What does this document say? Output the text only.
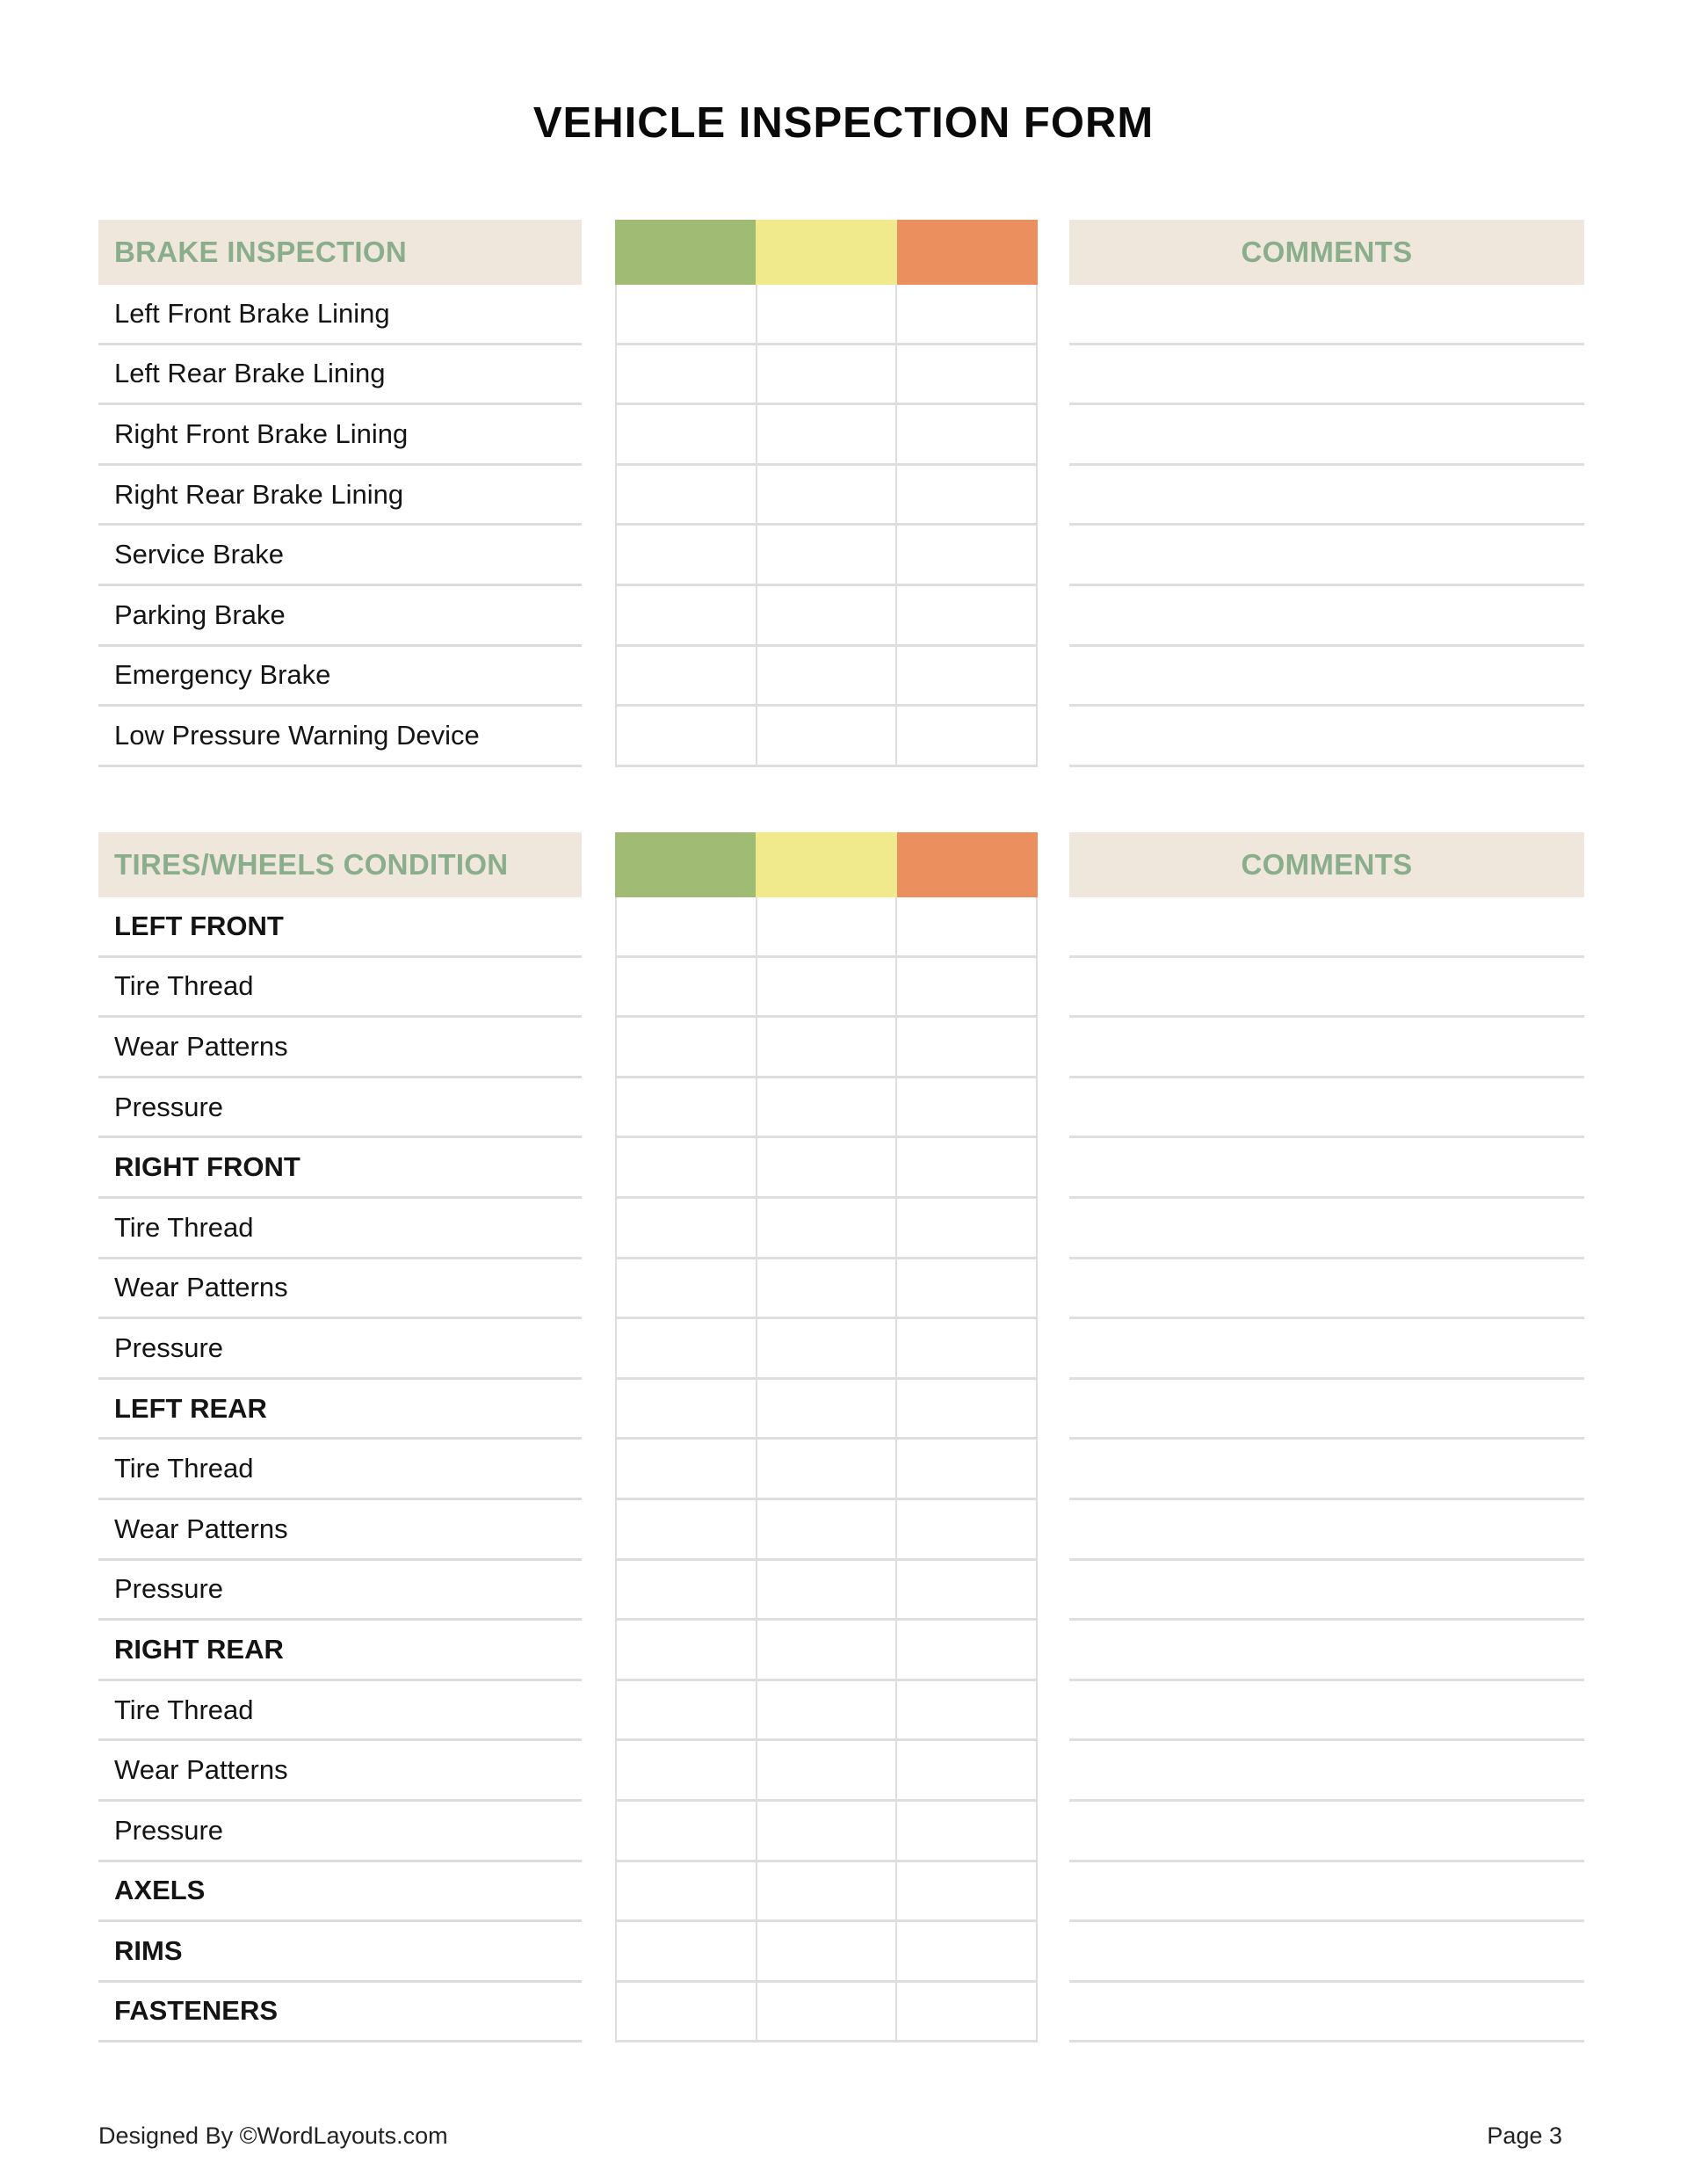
VEHICLE INSPECTION FORM
BRAKE INSPECTION
Left Front Brake Lining
Left Rear Brake Lining
Right Front Brake Lining
Right Rear Brake Lining
Service Brake
Parking Brake
Emergency Brake
Low Pressure Warning Device
COMMENTS
TIRES/WHEELS CONDITION
LEFT FRONT
Tire Thread
Wear Patterns
Pressure
RIGHT FRONT
Tire Thread
Wear Patterns
Pressure
LEFT REAR
Tire Thread
Wear Patterns
Pressure
RIGHT REAR
Tire Thread
Wear Patterns
Pressure
AXELS
RIMS
FASTENERS
COMMENTS
Designed By ©WordLayouts.com	Page 3
